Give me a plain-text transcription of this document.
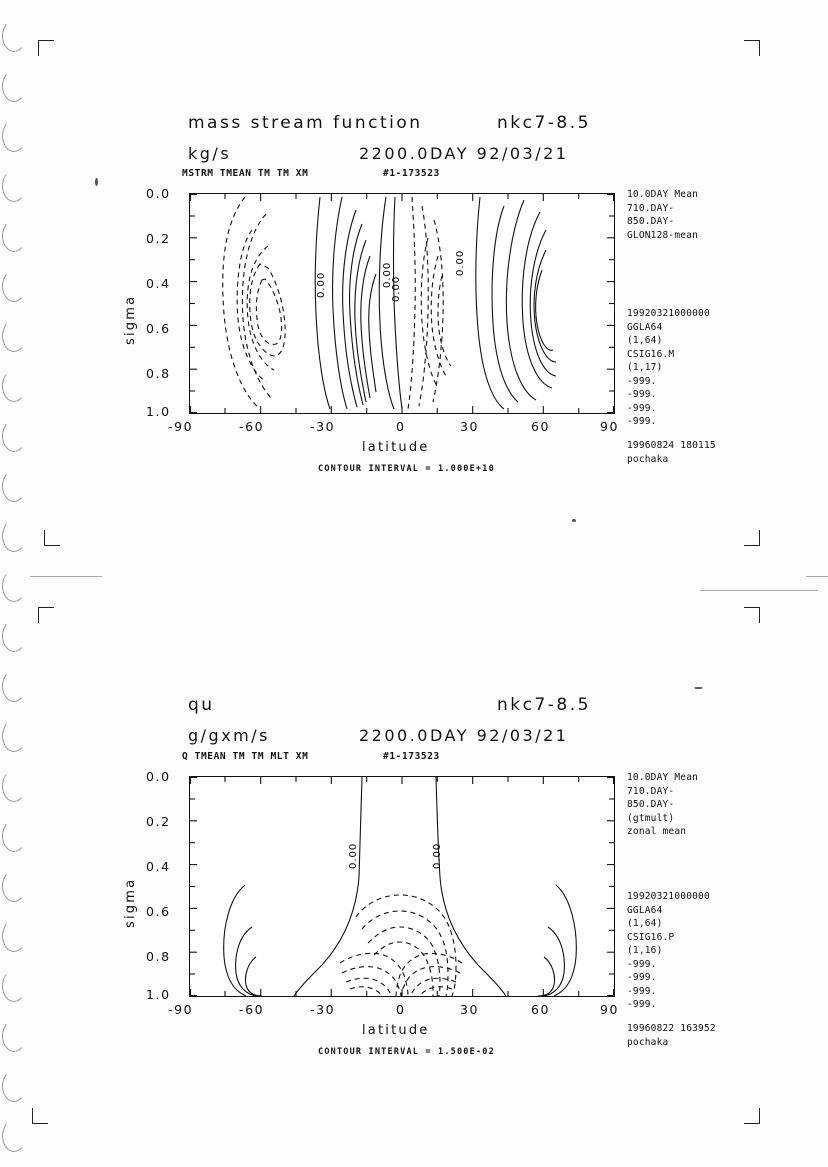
mass stream function	nkc7-8.5
kg/s	2200.0DAY 92/03/21
MSTRM TMEAN TM TM XM	#1-173523
sigma
0.0
0.2
0.4
0.6
0.8
1.0
0.00	0.00
0.00
0.00
-90	-60	-30	0	30	60	90
latitude
CONTOUR INTERVAL = 1.000E+10
10.0DAY Mean
710.DAY-
850.DAY-
GLON128-mean
19920321000000
GGLA64
(1,64)
CSIG16.M
(1,17)
-999.
-999.
-999.
-999.
19960824 180115
pochaka
qu	nkc7-8.5
g/gxm/s	2200.0DAY 92/03/21
Q TMEAN TM TM MLT XM	#1-173523
sigma
0.0
0.2
0.4
0.6
0.8
1.0
0.00	0.00
-90	-60	-30	0	30	60	90
latitude
CONTOUR INTERVAL = 1.500E-02
10.0DAY Mean
710.DAY-
850.DAY-
(gtmult)
zonal mean
19920321000000
GGLA64
(1,64)
CSIG16.P
(1,16)
-999.
-999.
-999.
-999.
19960822 163952
pochaka
